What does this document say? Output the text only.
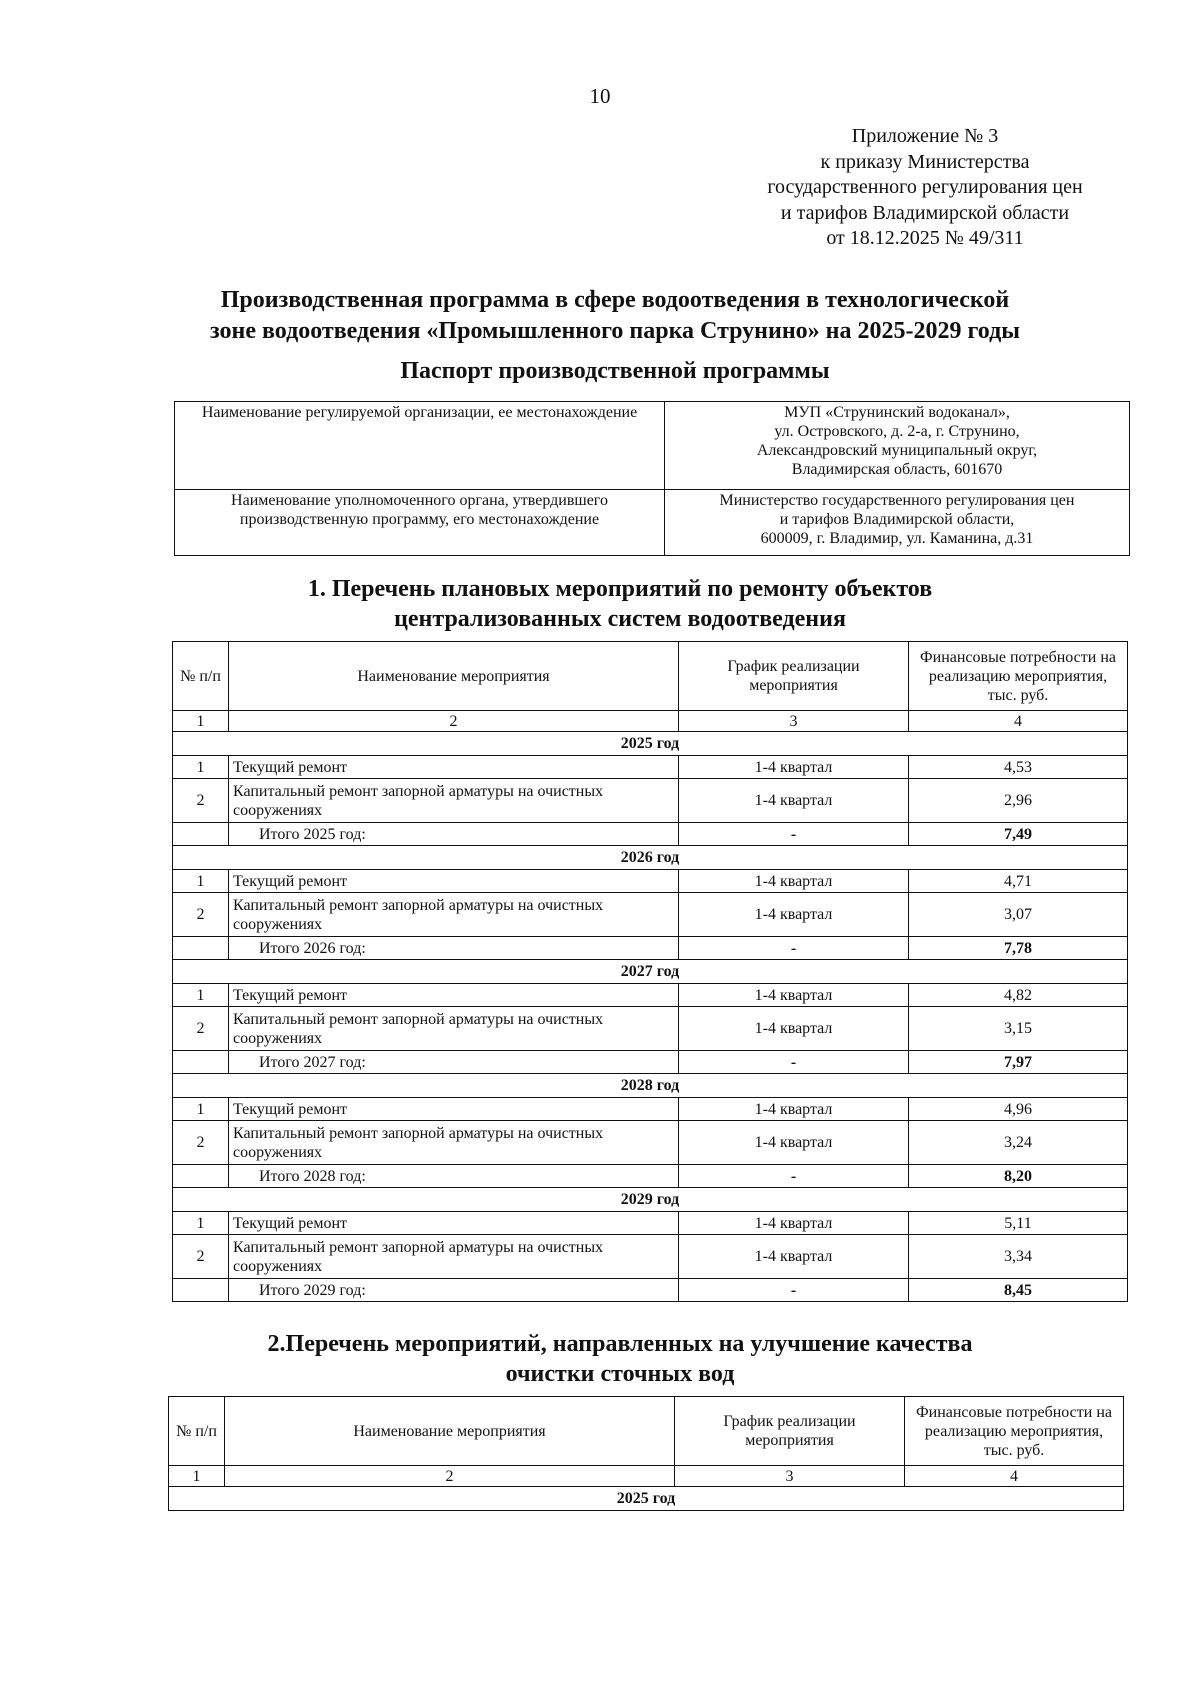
10
Приложение № 3
к приказу Министерства
государственного регулирования цен
и тарифов Владимирской области
от 18.12.2025 № 49/311
Производственная программа в сфере водоотведения в технологической
зоне водоотведения «Промышленного парка Струнино» на 2025-2029 годы
Паспорт производственной программы
Наименование регулируемой организации, ее местонахождение	МУП «Струнинский водоканал»,
ул. Островского, д. 2-а, г. Струнино,
Александровский муниципальный округ,
Владимирская область, 601670

Наименование уполномоченного органа, утвердившего производственную программу, его местонахождение	Министерство государственного регулирования цен
и тарифов Владимирской области,
600009, г. Владимир, ул. Каманина, д.31
1. Перечень плановых мероприятий по ремонту объектов
централизованных систем водоотведения
№ п/п	Наименование мероприятия	График реализации мероприятия	Финансовые потребности на реализацию мероприятия, тыс. руб.
1	2	3	4
2025 год			
1	Текущий ремонт	1-4 квартал	4,53
2	Капитальный ремонт запорной арматуры на очистных сооружениях	1-4 квартал	2,96
	Итого 2025 год:	-	7,49
2026 год			
1	Текущий ремонт	1-4 квартал	4,71
2	Капитальный ремонт запорной арматуры на очистных сооружениях	1-4 квартал	3,07
	Итого 2026 год:	-	7,78
2027 год			
1	Текущий ремонт	1-4 квартал	4,82
2	Капитальный ремонт запорной арматуры на очистных сооружениях	1-4 квартал	3,15
	Итого 2027 год:	-	7,97
2028 год			
1	Текущий ремонт	1-4 квартал	4,96
2	Капитальный ремонт запорной арматуры на очистных сооружениях	1-4 квартал	3,24
	Итого 2028 год:	-	8,20
2029 год			
1	Текущий ремонт	1-4 квартал	5,11
2	Капитальный ремонт запорной арматуры на очистных сооружениях	1-4 квартал	3,34
	Итого 2029 год:	-	8,45
2.Перечень мероприятий, направленных на улучшение качества
очистки сточных вод
№ п/п	Наименование мероприятия	График реализации мероприятия	Финансовые потребности на реализацию мероприятия, тыс. руб.
1	2	3	4
2025 год			
